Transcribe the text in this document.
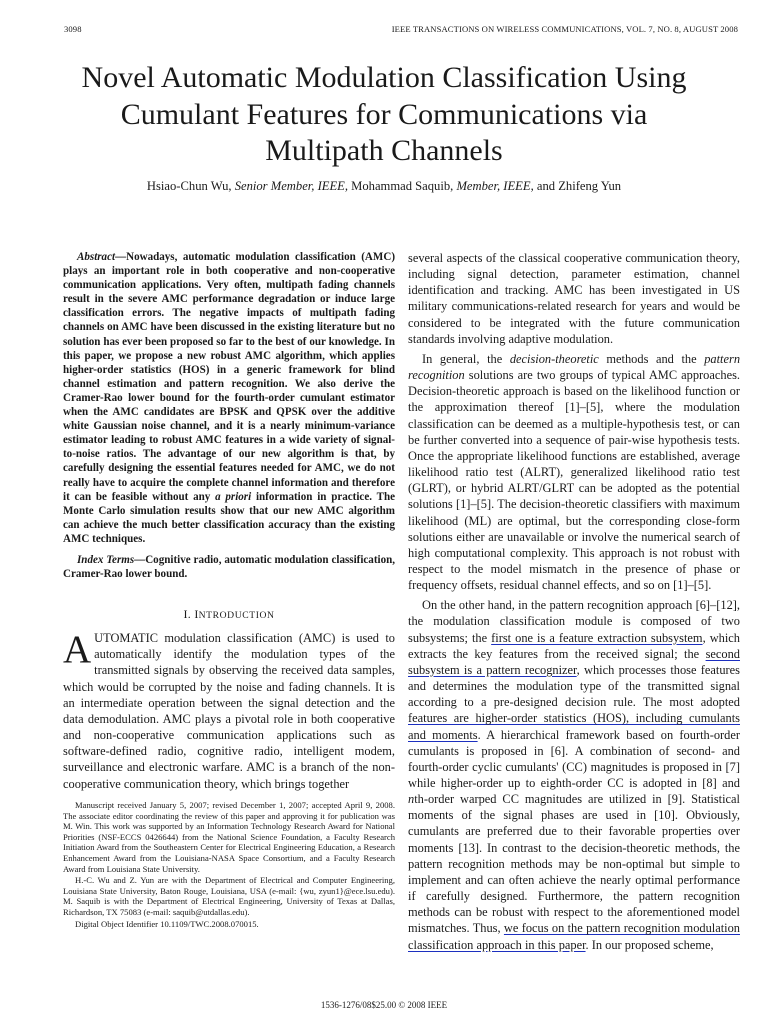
3098	IEEE TRANSACTIONS ON WIRELESS COMMUNICATIONS, VOL. 7, NO. 8, AUGUST 2008
Novel Automatic Modulation Classification Using
Cumulant Features for Communications via
Multipath Channels
Hsiao-Chun Wu, Senior Member, IEEE, Mohammad Saquib, Member, IEEE, and Zhifeng Yun

Abstract—Nowadays, automatic modulation classification (AMC) plays an important role in both cooperative and non-cooperative communication applications. Very often, multipath fading channels result in the severe AMC performance degradation or induce large classification errors. The negative impacts of multipath fading channels on AMC have been discussed in the existing literature but no solution has ever been proposed so far to the best of our knowledge. In this paper, we propose a new robust AMC algorithm, which applies higher-order statistics (HOS) in a generic framework for blind channel estimation and pattern recognition. We also derive the Cramer-Rao lower bound for the fourth-order cumulant estimator when the AMC candidates are BPSK and QPSK over the additive white Gaussian noise channel, and it is a nearly minimum-variance estimator leading to robust AMC features in a wide variety of signal-to-noise ratios. The advantage of our new algorithm is that, by carefully designing the essential features needed for AMC, we do not really have to acquire the complete channel information and therefore it can be feasible without any a priori information in practice. The Monte Carlo simulation results show that our new AMC algorithm can achieve the much better classification accuracy than the existing AMC techniques.

Index Terms—Cognitive radio, automatic modulation classification, Cramer-Rao lower bound.

I. INTRODUCTION

AUTOMATIC modulation classification (AMC) is used to automatically identify the modulation types of the transmitted signals by observing the received data samples, which would be corrupted by the noise and fading channels. It is an intermediate operation between the signal detection and the data demodulation. AMC plays a pivotal role in both cooperative and non-cooperative communication applications such as software-defined radio, cognitive radio, intelligent modem, surveillance and electronic warfare. AMC is a branch of the non-cooperative communication theory, which brings together

Manuscript received January 5, 2007; revised December 1, 2007; accepted April 9, 2008. The associate editor coordinating the review of this paper and approving it for publication was M. Win. This work was supported by an Information Technology Research Award for National Priorities (NSF-ECCS 0426644) from the National Science Foundation, a Faculty Research Initiation Award from the Southeastern Center for Electrical Engineering Education, a Research Enhancement Award from the Louisiana-NASA Space Consortium, and a Faculty Research Award from Louisiana State University.

H.-C. Wu and Z. Yun are with the Department of Electrical and Computer Engineering, Louisiana State University, Baton Rouge, Louisiana, USA (e-mail: {wu, zyun1}@ece.lsu.edu). M. Saquib is with the Department of Electrical Engineering, University of Texas at Dallas, Richardson, TX 75083 (e-mail: saquib@utdallas.edu).

Digital Object Identifier 10.1109/TWC.2008.070015.

several aspects of the classical cooperative communication theory, including signal detection, parameter estimation, channel identification and tracking. AMC has been investigated in US military communications-related research for years and would be considered to be integrated with the future communication standards involving adaptive modulation.

In general, the decision-theoretic methods and the pattern recognition solutions are two groups of typical AMC approaches. Decision-theoretic approach is based on the likelihood function or the approximation thereof [1]–[5], where the modulation classification can be deemed as a multiple-hypothesis test, or can be further converted into a sequence of pair-wise hypothesis tests. Once the appropriate likelihood functions are established, average likelihood ratio test (ALRT), generalized likelihood ratio test (GLRT), or hybrid ALRT/GLRT can be adopted as the potential solutions [1]–[5]. The decision-theoretic classifiers with maximum likelihood (ML) are optimal, but the corresponding close-form solutions either are unavailable or involve the numerical search of high computational complexity. This approach is not robust with respect to the model mismatch in the presence of phase or frequency offsets, residual channel effects, and so on [1]–[5].

On the other hand, in the pattern recognition approach [6]–[12], the modulation classification module is composed of two subsystems; the first one is a feature extraction subsystem, which extracts the key features from the received signal; the second subsystem is a pattern recognizer, which processes those features and determines the modulation type of the transmitted signal according to a pre-designed decision rule. The most adopted features are higher-order statistics (HOS), including cumulants and moments. A hierarchical framework based on fourth-order cumulants is proposed in [6]. A combination of second- and fourth-order cyclic cumulants' (CC) magnitudes is proposed in [7] while higher-order up to eighth-order CC is adopted in [8] and nth-order warped CC magnitudes are utilized in [9]. Statistical moments of the signal phases are used in [10]. Obviously, cumulants are preferred due to their favorable properties over moments [13]. In contrast to the decision-theoretic methods, the pattern recognition methods may be non-optimal but simple to implement and can often achieve the nearly optimal performance if carefully designed. Furthermore, the pattern recognition methods can be robust with respect to the aforementioned model mismatches. Thus, we focus on the pattern recognition modulation classification approach in this paper. In our proposed scheme,

1536-1276/08$25.00 © 2008 IEEE
